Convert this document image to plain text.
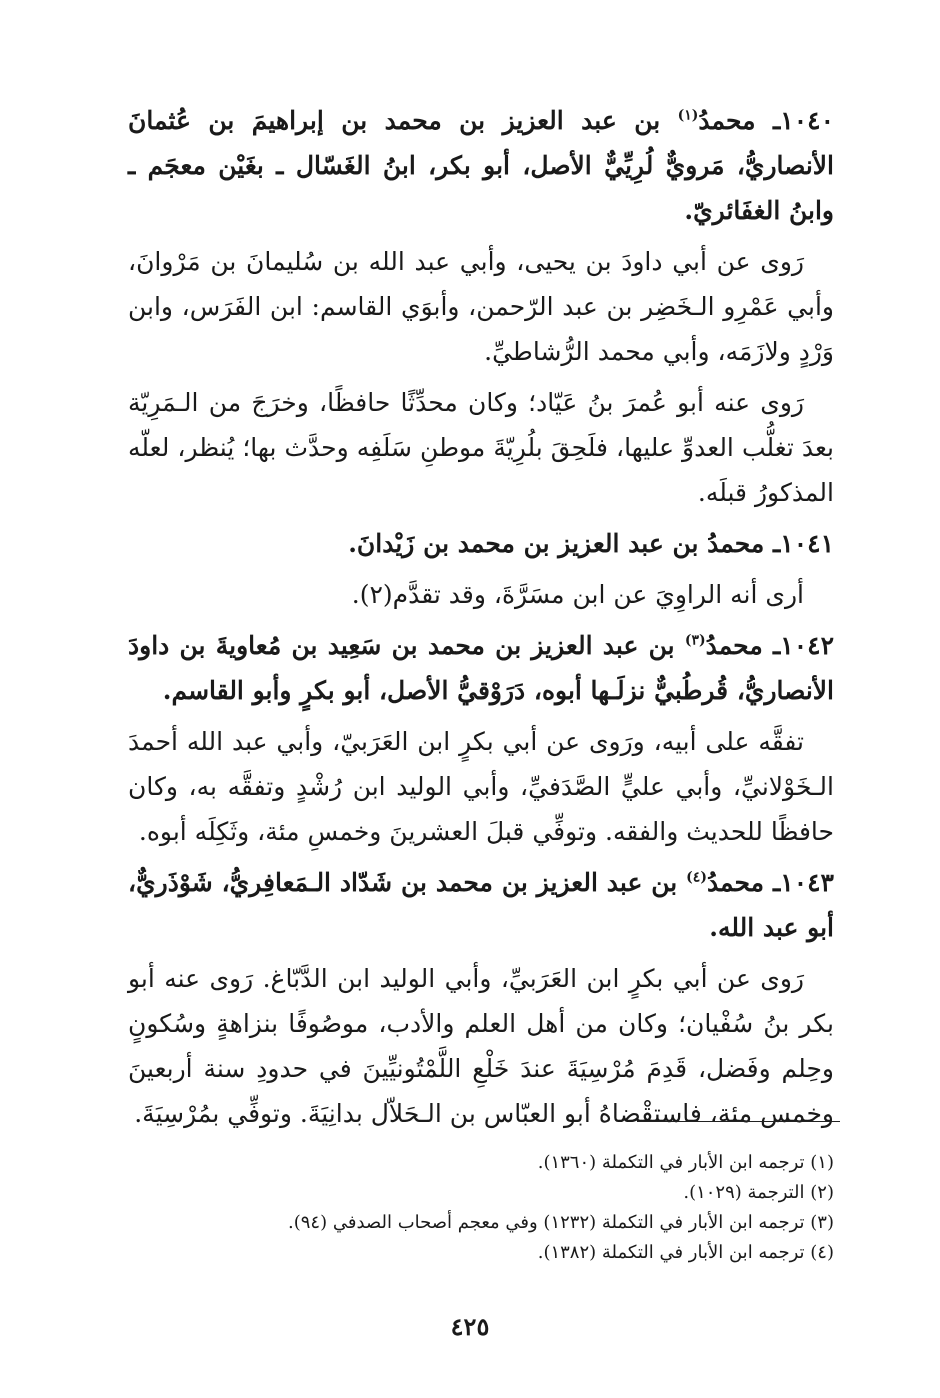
١٠٤٠ـ محمدُ$^{(١)}$ بن عبد العزيز بن محمد بن إبراهيمَ بن عُثمانَ الأنصاريُّ، مَرويٌّ لُرِيِّيٌّ الأصل، أبو بكر، ابنُ الغَسّال ـ بغَيْن معجَم ـ وابنُ الغفَائريّ.

رَوى عن أبي داودَ بن يحيى، وأبي عبد الله بن سُليمانَ بن مَرْوانَ، وأبي عَمْرِو الـخَضِر بن عبد الرّحمن، وأبوَي القاسم: ابن الفَرَس، وابن وَرْدٍ ولازَمَه، وأبي محمد الرُّشاطيِّ.

رَوى عنه أبو عُمرَ بنُ عَيّاد؛ وكان محدِّثًا حافظًا، وخرَجَ من الـمَرِيّة بعدَ تغلُّب العدوِّ عليها، فلَحِقَ بلُرِيّةَ موطنِ سَلَفِه وحدَّث بها؛ يُنظر، لعلّه المذكورُ قبلَه.

١٠٤١ـ محمدُ بن عبد العزيز بن محمد بن زَيْدانَ.

أرى أنه الراوِيَ عن ابن مسَرَّةَ، وقد تقدَّم(٢).

١٠٤٢ـ محمدُ$^{(٣)}$ بن عبد العزيز بن محمد بن سَعِيد بن مُعاويةَ بن داودَ الأنصاريُّ، قُرطُبيٌّ نزلَـها أبوه، دَرَوْقيُّ الأصل، أبو بكرٍ وأبو القاسم.

تفقَّه على أبيه، ورَوى عن أبي بكرٍ ابن العَرَبيّ، وأبي عبد الله أحمدَ الـخَوْلانيِّ، وأبي عليٍّ الصَّدَفيِّ، وأبي الوليد ابن رُشْدٍ وتفقَّه به، وكان حافظًا للحديث والفقه. وتوفِّي قبلَ العشرينَ وخمسِ مئة، وثَكِلَه أبوه.

١٠٤٣ـ محمدُ$^{(٤)}$ بن عبد العزيز بن محمد بن شَدّاد الـمَعافِريُّ، شَوْذَريٌّ، أبو عبد الله.

رَوى عن أبي بكرٍ ابن العَرَبيِّ، وأبي الوليد ابن الدَّبّاغ. رَوى عنه أبو بكر بنُ سُفْيان؛ وكان من أهل العلم والأدب، موصُوفًا بنزاهةٍ وسُكونٍ وحِلم وفَضل، قَدِمَ مُرْسِيَةَ عندَ خَلْعِ اللَّمْتُونيِّينَ في حدودِ سنة أربعينَ وخمس مئة، فاستقْضاهُ أبو العبّاس بن الـحَلاّل بدانِيَةَ. وتوفِّي بمُرْسِيَةَ.

(١) ترجمه ابن الأبار في التكملة (١٣٦٠).
(٢) الترجمة (١٠٢٩).
(٣) ترجمه ابن الأبار في التكملة (١٢٣٢) وفي معجم أصحاب الصدفي (٩٤).
(٤) ترجمه ابن الأبار في التكملة (١٣٨٢).
٤٢٥
